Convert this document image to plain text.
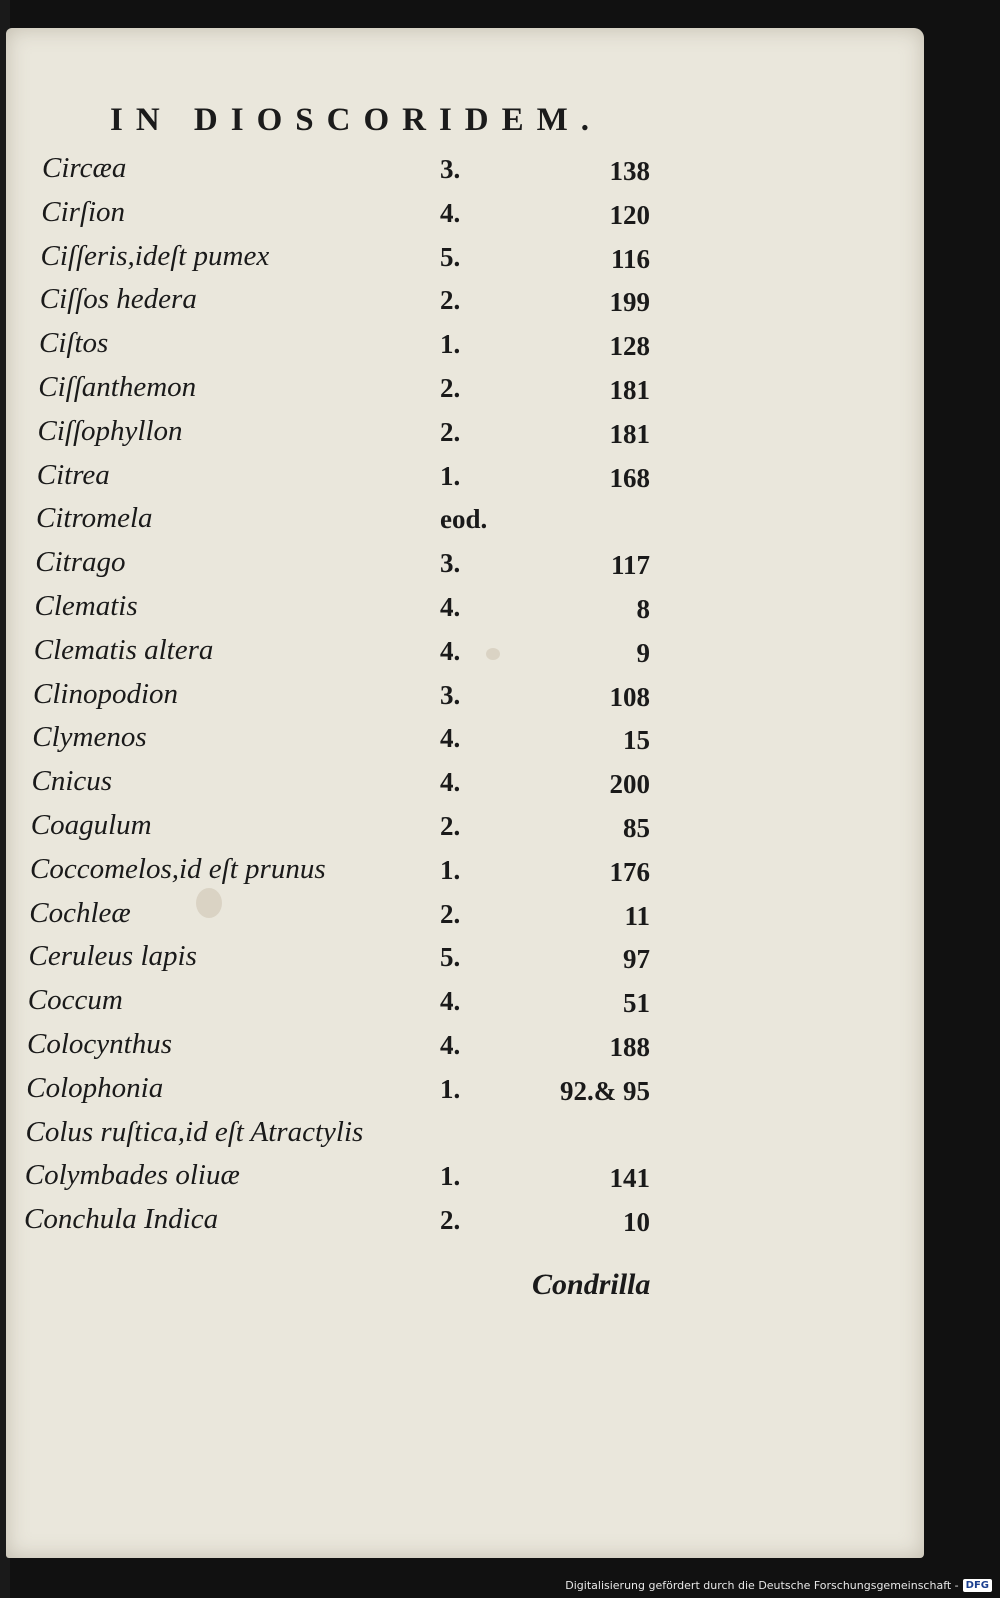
IN DIOSCORIDEM.
Circæa	3.	138
Cirſion	4.	120
Ciſſeris,ideſt pumex	5.	116
Ciſſos hedera	2.	199
Ciſtos	1.	128
Ciſſanthemon	2.	181
Ciſſophyllon	2.	181
Citrea	1.	168
Citromela	eod.
Citrago	3.	117
Clematis	4.	8
Clematis altera	4.	9
Clinopodion	3.	108
Clymenos	4.	15
Cnicus	4.	200
Coagulum	2.	85
Coccomelos,id eſt prunus	1.	176
Cochleæ	2.	11
Ceruleus lapis	5.	97
Coccum	4.	51
Colocynthus	4.	188
Colophonia	1.	92.& 95
Colus ruſtica,id eſt Atractylis
Colymbades oliuæ	1.	141
Conchula Indica	2.	10
Condrilla
Digitalisierung gefördert durch die Deutsche Forschungsgemeinschaft - DFG
